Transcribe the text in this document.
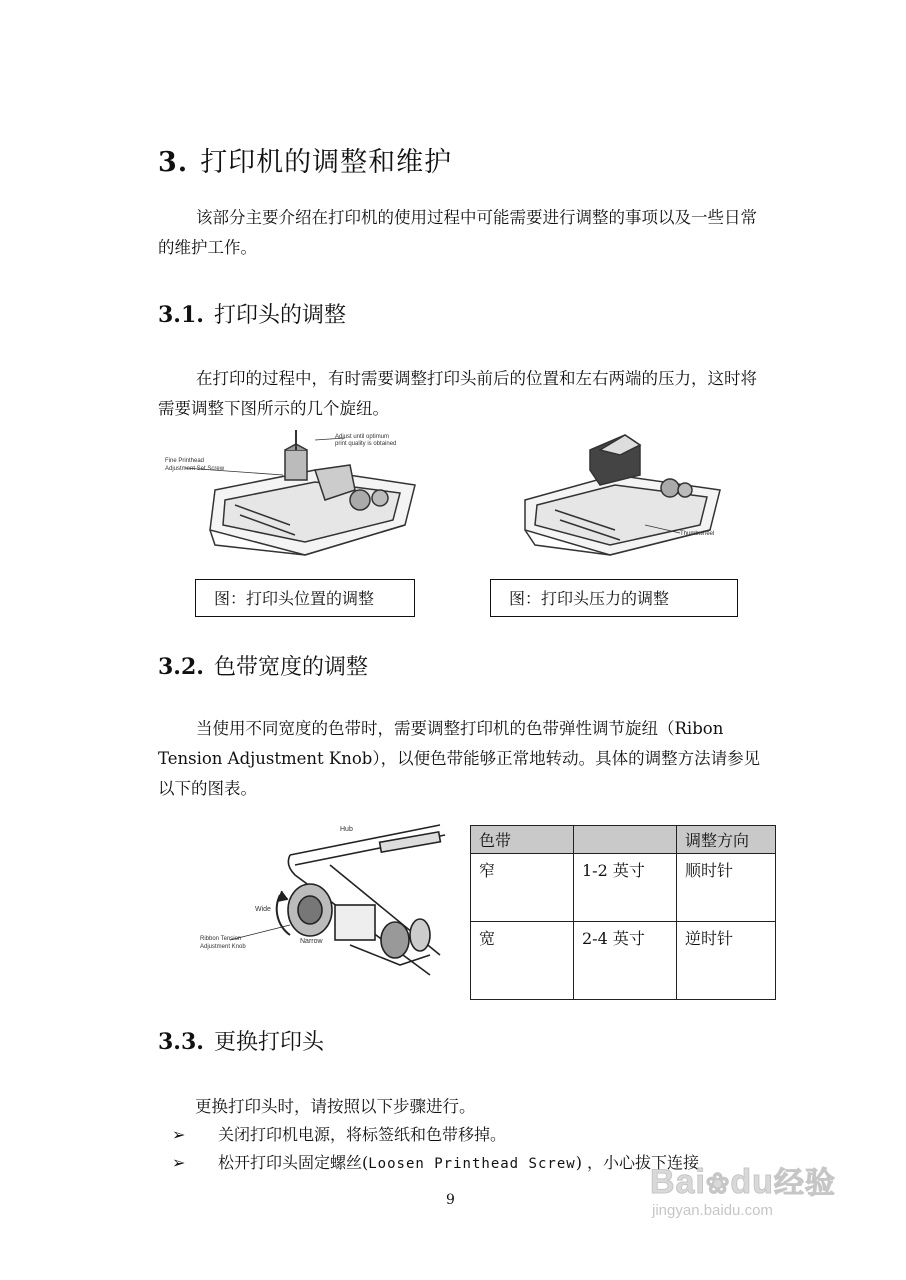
3. 打印机的调整和维护
该部分主要介绍在打印机的使用过程中可能需要进行调整的事项以及一些日常的维护工作。
3.1. 打印头的调整
在打印的过程中，有时需要调整打印头前后的位置和左右两端的压力，这时将需要调整下图所示的几个旋纽。
Fine Printhead
Adjustment Set Screw
Adjust until optimum
print quality is obtained
Thumbwheel
图：打印头位置的调整	图：打印头压力的调整
3.2. 色带宽度的调整
当使用不同宽度的色带时，需要调整打印机的色带弹性调节旋纽（Ribon Tension Adjustment Knob），以便色带能够正常地转动。具体的调整方法请参见以下的图表。
Hub
Wide
Narrow
Ribbon Tension
Adjustment Knob
色带		调整方向
窄	1-2 英寸	顺时针
宽	2-4 英寸	逆时针
3.3. 更换打印头
更换打印头时，请按照以下步骤进行。
➢ 关闭打印机电源，将标签纸和色带移掉。
➢ 松开打印头固定螺丝(Loosen Printhead Screw) ，小心拔下连接
9	Bai❀du经验
jingyan.baidu.com
